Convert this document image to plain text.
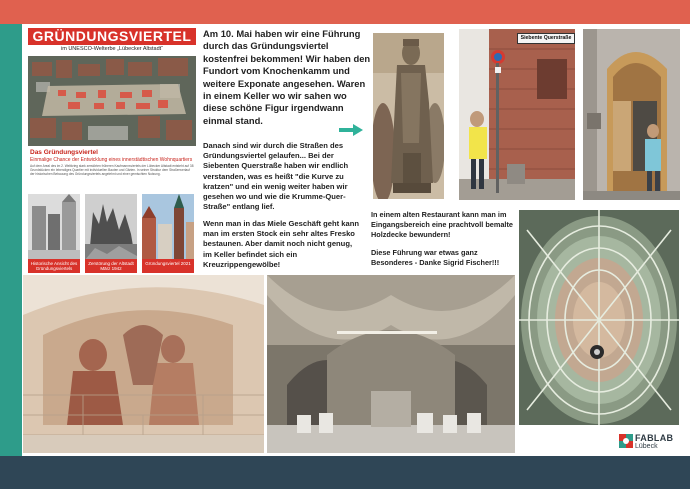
GRÜNDUNGSVIERTEL
im UNESCO-Welterbe „Lübecker Altstadt“
Das Gründungsviertel
Einmalige Chance der Entwicklung eines innerstädtischen Wohnquartiers
Auf dem Areal des im 2. Weltkrieg stark zerstörten früheren Kaufmannsviertels der Lübecker Altstadt entsteht auf 38 Grundstücken ein lebendiges Quartier mit individuellen Bauten und Gärten. In seiner Struktur dem Straßenverlauf der historischen Bebauung des Gründungsviertels angelehnt und einer gemischten Nutzung.
Historische Ansicht des Gründungsviertels
Zerstörung der Altstadt März 1942
Gründungsviertel 2021
Am 10. Mai haben wir eine Führung durch das Gründungsviertel kostenfrei bekommen! Wir haben den Fundort vom Knochenkamm und weitere Exponate angesehen. Waren in einem Keller wo wir sahen wo diese schöne Figur irgendwann einmal stand.
Danach sind wir durch die Straßen des Gründungsviertel gelaufen... Bei der Siebenten Querstraße haben wir endlich verstanden, was es heißt "die Kurve zu kratzen" und ein wenig weiter haben wir gesehen wo und wie die Krumme-Quer-Straße" entlang lief.
Wenn man in das Miele Geschäft geht kann man im ersten Stock ein sehr altes Fresko bestaunen. Aber damit noch nicht genug, im Keller befindet sich ein Kreuzrippengewölbe!
In einem alten Restaurant kann man im Eingangsbereich eine prachtvoll bemalte Holzdecke bewundern!
Diese Führung war etwas ganz Besonderes - Danke Sigrid Fischer!!!
Siebente Querstraße
FABLAB
Lübeck
